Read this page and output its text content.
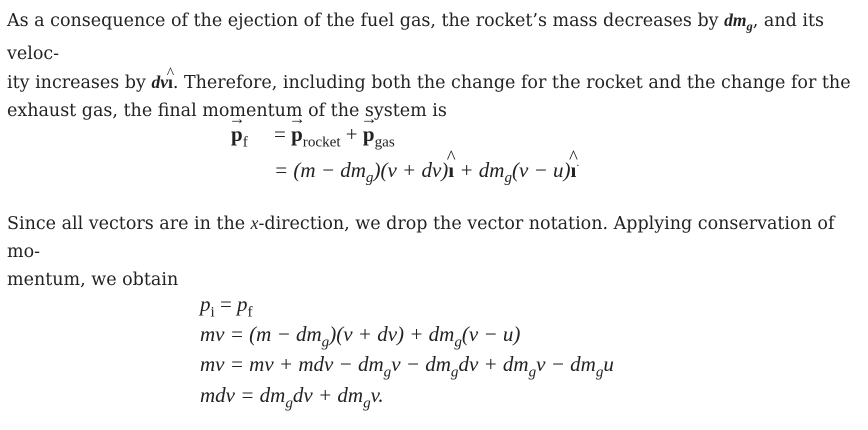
As a consequence of the ejection of the fuel gas, the rocket’s mass decreases by $dm_g$, and its veloc-
ity increases by dv^ ı. Therefore, including both the change for the rocket and the change for the
exhaust gas, the final momentum of the system is

→ $p_f$ = → $p_{rocket}$ + → $p_{gas}$
= $(m - dm_g)(v$ + dv)^ ı + $dm_g(v$ − u)^ ı.

Since all vectors are in the x-direction, we drop the vector notation. Applying conservation of mo-
mentum, we obtain

$p_i = p_f$
mv = $(m - dm_g)(v + dv) + dm_g(v - u)$
mv = mv + mdv − $dm_gv - dm_gdv + dm_gv - dm_gu$
mdv = $dm_gdv + dm_gv$.
